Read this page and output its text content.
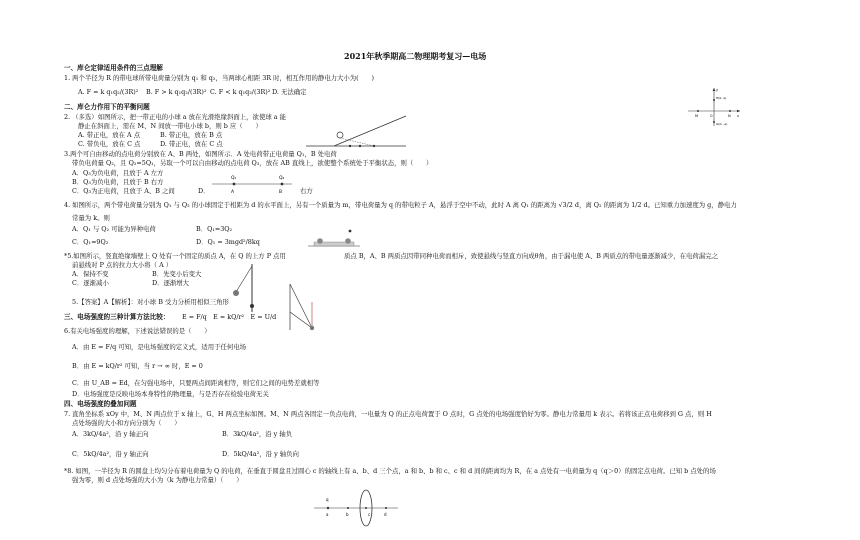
2021年秋季期高二物理期考复习—电场
一、库仑定律适用条件的三点理解
1. 两个半径为 R 的带电球所带电荷量分别为 q₁ 和 q₂，当两球心相距 3R 时，相互作用的静电力大小为(　　)
A. F = k q₁q₂/(3R)² B. F > k q₁q₂/(3R)² C. F < k q₁q₂/(3R)² D. 无法确定
二、库仑力作用下的平衡问题
2. （多选）如图所示，把一带正电的小球 a 放在光滑绝缘斜面上，欲使球 a 能
静止在斜面上，需在 M、N 间放一带电小球 b，则 b 应（　　）
A. 带正电，放在 A 点	B. 带正电，放在 B 点
C. 带负电，放在 C 点	D. 带正电，放在 C 点
3.两个可自由移动的点电荷分别放在 A、B 两处，如图所示．A 处电荷带正电荷量 Q₁，B 处电荷
带负电荷量 Q₂，且 Q₂=5Q₁，另取一个可以自由移动的点电荷 Q₃，放在 AB 直线上，欲使整个系统处于平衡状态，则（　　）
A．Q₃为负电荷，且放于 A 左方
B．Q₃为负电荷，且放于 B 右方
C．Q₃为正电荷，且放于 A、B 之间	D．	右方
4. 如图所示，两个带电荷量分别为 Q₁ 与 Q₂ 的小球固定于相距为 d 的水平面上，另有一个质量为 m，带电荷量为 q 的带电粒子 A，悬浮于空中不动，此时 A 离 Q₁ 的距离为 √3/2 d，离 Q₂ 的距离为 1/2 d。已知重力加速度为 g，静电力
常量为 k。则
A．Q₁ 与 Q₂ 可能为异种电荷	B．Q₁=3Q₂
C．Q₁=9Q₂	D．Q₁ = 3mgd²/8kq
*5.如图所示，竖直绝缘墙壁上 Q 处有一个固定的质点 A，在 Q 的上方 P 点用	质点 B，A、B 两质点因带同种电荷而相斥，致使悬线与竖直方向成θ角，由于漏电使 A、B 两质点的带电量逐渐减少，在电荷漏完之
前悬线对 P 点的拉力大小将（ A ）
A．保持不变	B．先变小后变大
C．逐渐减小	D．逐渐增大
5.【答案】A【解析】：对小球 B 受力分析用相似三角形
三、电场强度的三种计算方法比较： E = F/q　E = kQ/r²　E = U/d
6.有关电场强度的理解，下述说法错误的是（　　）
A．由 E = F/q 可知，是电场强度的定义式，适用于任何电场
B．由 E = kQ/r² 可知，当 r → ∞ 时，E = 0
C．由 U_AB = Ed，在匀强电场中，只要两点间距离相等，则它们之间的电势差就相等
D．电场强度是反映电场本身特性的物理量，与是否存在检验电荷无关
四、电场强度的叠加问题
7. 直角坐标系 xOy 中，M、N 两点位于 x 轴上，G、H 两点坐标如图。M、N 两点各固定一负点电荷，一电量为 Q 的正点电荷置于 O 点时，G 点处的电场强度恰好为零。静电力常量用 k 表示。若将该正点电荷移到 G 点，则 H
点处场强的大小和方向分别为（　　）
A．3kQ/4a²，沿 y 轴正向	B．3kQ/4a²，沿 y 轴负
C．5kQ/4a²，沿 y 轴正向	D．5kQ/4a²，沿 y 轴负向
*8. 如图，一半径为 R 的圆盘上均匀分布着电荷量为 Q 的电荷，在垂直于圆盘且过圆心 c 的轴线上有 a、b、d 三个点，a 和 b、b 和 c、c 和 d 间的距离均为 R，在 a 点处有一电荷量为 q（q＞0）的固定点电荷。已知 b 点处的场
强为零，则 d 点处场强的大小为（k 为静电力常量）（　　）
y
x
H(0, a)
G(0, -a)
M	N
O
Q₁	Q₂
A	B
q
a	b	c	d
